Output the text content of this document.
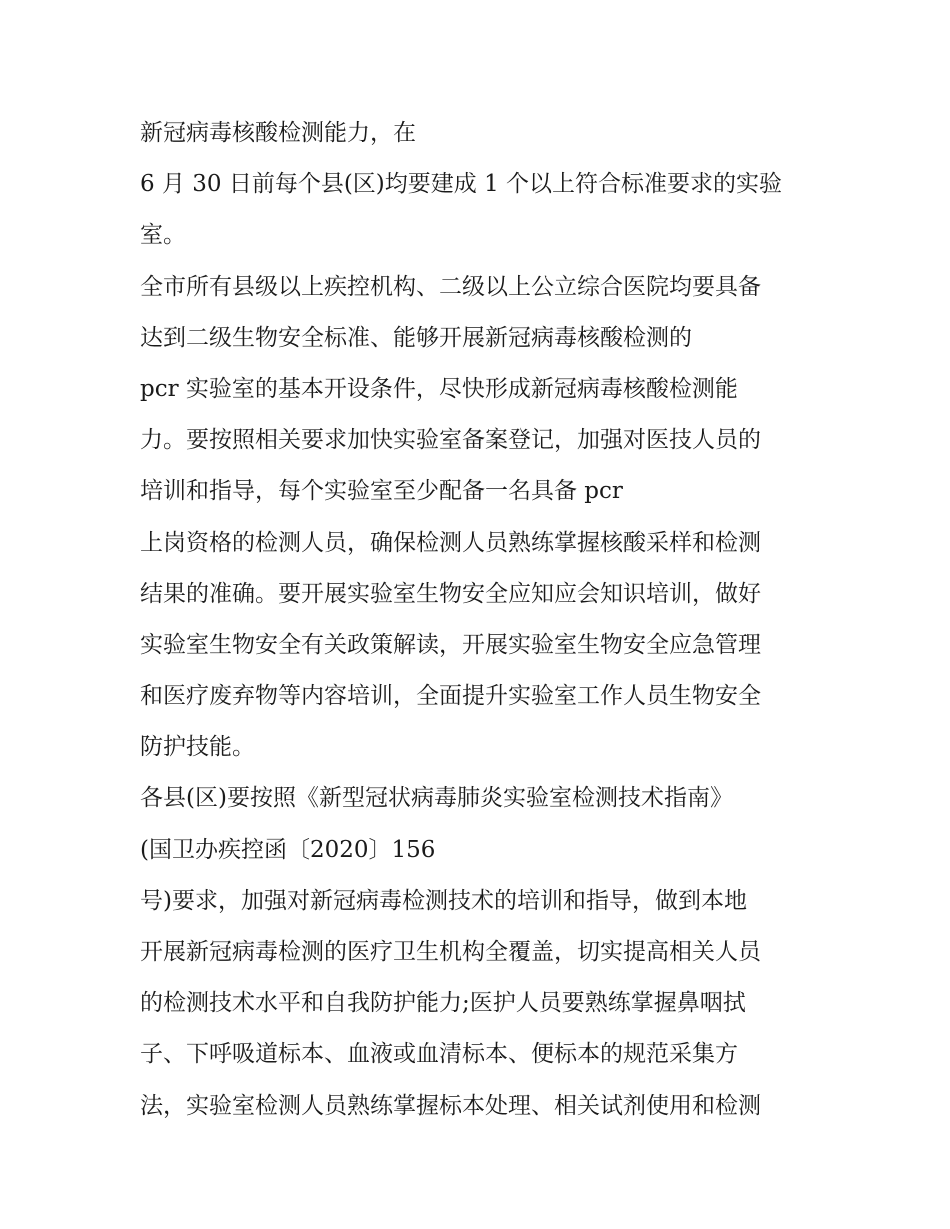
新冠病毒核酸检测能力，在
6 月 30 日前每个县(区)均要建成 1 个以上符合标准要求的实验
室。
全市所有县级以上疾控机构、二级以上公立综合医院均要具备
达到二级生物安全标准、能够开展新冠病毒核酸检测的
pcr 实验室的基本开设条件，尽快形成新冠病毒核酸检测能
力。要按照相关要求加快实验室备案登记，加强对医技人员的
培训和指导，每个实验室至少配备一名具备 pcr
上岗资格的检测人员，确保检测人员熟练掌握核酸采样和检测
结果的准确。要开展实验室生物安全应知应会知识培训，做好
实验室生物安全有关政策解读，开展实验室生物安全应急管理
和医疗废弃物等内容培训，全面提升实验室工作人员生物安全
防护技能。
各县(区)要按照《新型冠状病毒肺炎实验室检测技术指南》
(国卫办疾控函〔2020〕156
号)要求，加强对新冠病毒检测技术的培训和指导，做到本地
开展新冠病毒检测的医疗卫生机构全覆盖，切实提高相关人员
的检测技术水平和自我防护能力;医护人员要熟练掌握鼻咽拭
子、下呼吸道标本、血液或血清标本、便标本的规范采集方
法，实验室检测人员熟练掌握标本处理、相关试剂使用和检测
